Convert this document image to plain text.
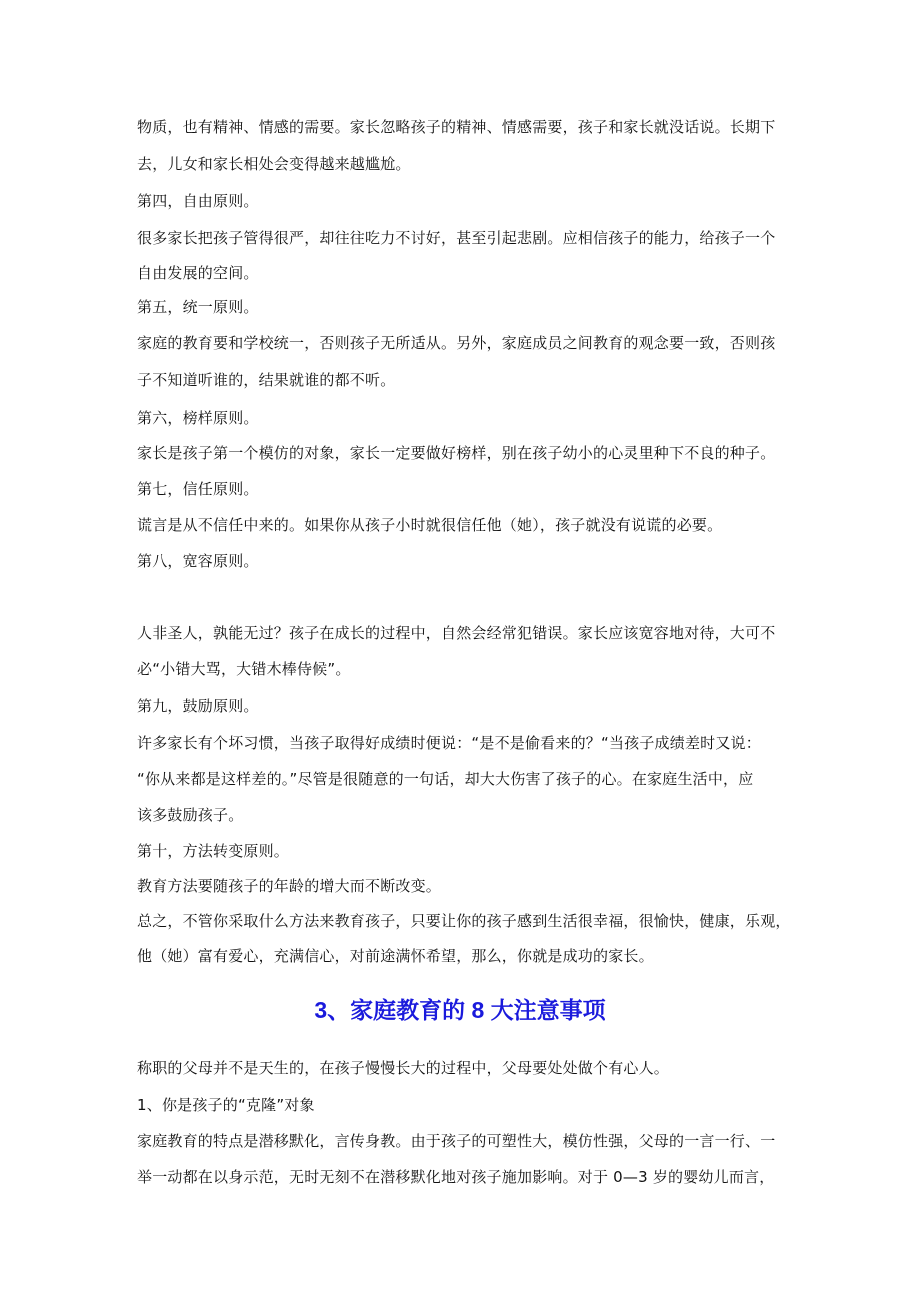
3、家庭教育的 8 大注意事项
物质，也有精神、情感的需要。家长忽略孩子的精神、情感需要，孩子和家长就没话说。长期下
去，儿女和家长相处会变得越来越尴尬。
第四，自由原则。
很多家长把孩子管得很严，却往往吃力不讨好，甚至引起悲剧。应相信孩子的能力，给孩子一个
自由发展的空间。
第五，统一原则。
家庭的教育要和学校统一，否则孩子无所适从。另外，家庭成员之间教育的观念要一致，否则孩
子不知道听谁的，结果就谁的都不听。
第六，榜样原则。
家长是孩子第一个模仿的对象，家长一定要做好榜样，别在孩子幼小的心灵里种下不良的种子。
第七，信任原则。
谎言是从不信任中来的。如果你从孩子小时就很信任他（她），孩子就没有说谎的必要。
第八，宽容原则。
人非圣人，孰能无过？孩子在成长的过程中，自然会经常犯错误。家长应该宽容地对待，大可不
必“小错大骂，大错木棒侍候”。
第九，鼓励原则。
许多家长有个坏习惯，当孩子取得好成绩时便说：“是不是偷看来的？“当孩子成绩差时又说：
“你从来都是这样差的。”尽管是很随意的一句话，却大大伤害了孩子的心。在家庭生活中，应
该多鼓励孩子。
第十，方法转变原则。
教育方法要随孩子的年龄的增大而不断改变。
总之，不管你采取什么方法来教育孩子，只要让你的孩子感到生活很幸福，很愉快，健康，乐观，
他（她）富有爱心，充满信心，对前途满怀希望，那么，你就是成功的家长。
称职的父母并不是天生的，在孩子慢慢长大的过程中，父母要处处做个有心人。
1、你是孩子的“克隆”对象
家庭教育的特点是潜移默化，言传身教。由于孩子的可塑性大，模仿性强，父母的一言一行、一
举一动都在以身示范，无时无刻不在潜移默化地对孩子施加影响。对于 0—3 岁的婴幼儿而言，
